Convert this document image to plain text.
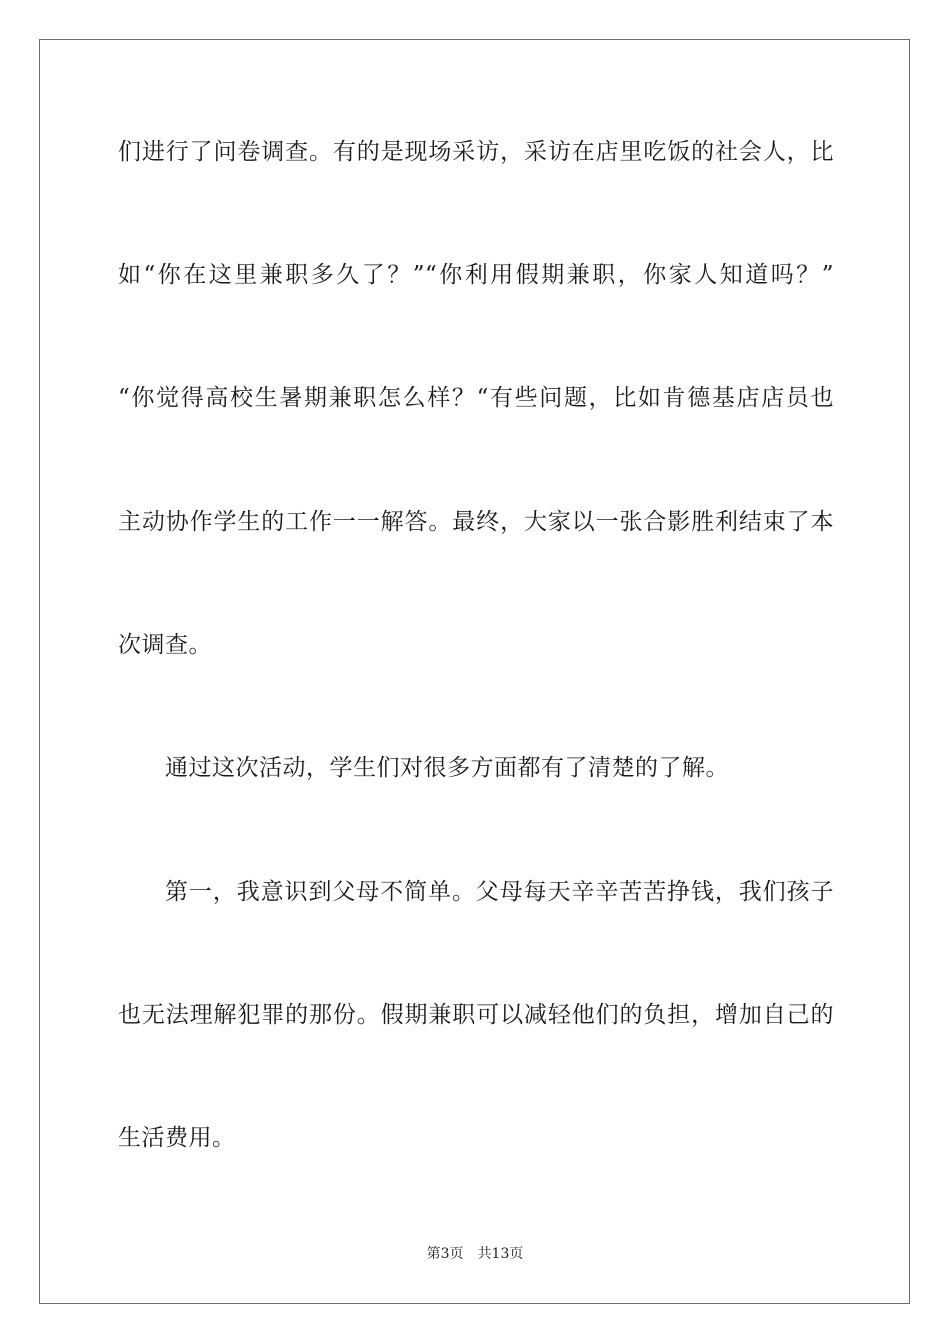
们进行了问卷调查。有的是现场采访，采访在店里吃饭的社会人，比
如“你在这里兼职多久了？”“你利用假期兼职，你家人知道吗？”
“你觉得高校生暑期兼职怎么样？“有些问题，比如肯德基店店员也
主动协作学生的工作一一解答。最终，大家以一张合影胜利结束了本
次调查。
通过这次活动，学生们对很多方面都有了清楚的了解。
第一，我意识到父母不简单。父母每天辛辛苦苦挣钱，我们孩子
也无法理解犯罪的那份。假期兼职可以减轻他们的负担，增加自己的
生活费用。
第3页 共13页
